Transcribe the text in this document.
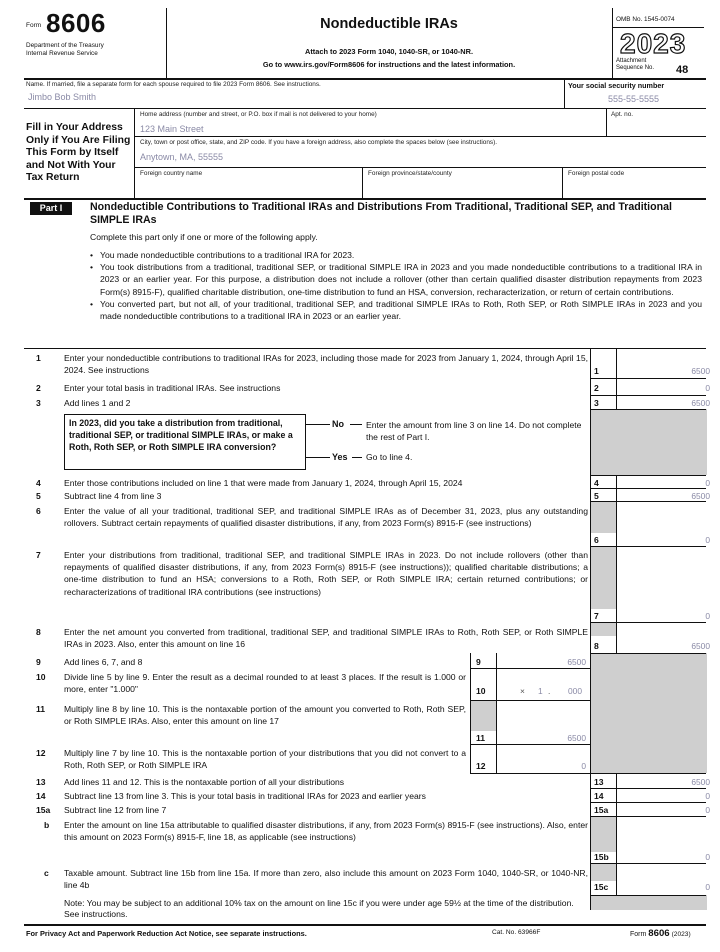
Form 8606
Department of the Treasury
Internal Revenue Service
Nondeductible IRAs
Attach to 2023 Form 1040, 1040-SR, or 1040-NR.
Go to www.irs.gov/Form8606 for instructions and the latest information.
OMB No. 1545-0074
2023
Attachment Sequence No.	48
Name. If married, file a separate form for each spouse required to file 2023 Form 8606. See instructions.
Jimbo Bob Smith
Your social security number
555-55-5555
Fill in Your Address Only if You Are Filing This Form by Itself and Not With Your Tax Return
Home address (number and street, or P.O. box if mail is not delivered to your home)
123 Main Street
Apt. no.
City, town or post office, state, and ZIP code. If you have a foreign address, also complete the spaces below (see instructions).
Anytown, MA, 55555
Foreign country name	Foreign province/state/county	Foreign postal code
Part I	Nondeductible Contributions to Traditional IRAs and Distributions From Traditional, Traditional SEP, and Traditional SIMPLE IRAs
Complete this part only if one or more of the following apply.
• You made nondeductible contributions to a traditional IRA for 2023.
• You took distributions from a traditional, traditional SEP, or traditional SIMPLE IRA in 2023 and you made nondeductible contributions to a traditional IRA in 2023 or an earlier year. For this purpose, a distribution does not include a rollover (other than certain qualified disaster distribution repayments from 2023 Form(s) 8915-F), qualified charitable distribution, one-time distribution to fund an HSA, conversion, recharacterization, or return of certain contributions.
• You converted part, but not all, of your traditional, traditional SEP, and traditional SIMPLE IRAs to Roth, Roth SEP, or Roth SIMPLE IRAs in 2023 and you made nondeductible contributions to a traditional IRA in 2023 or an earlier year.
1	Enter your nondeductible contributions to traditional IRAs for 2023, including those made for 2023 from January 1, 2024, through April 15, 2024. See instructions	1	6500
2	Enter your total basis in traditional IRAs. See instructions	2	0
3	Add lines 1 and 2	3	6500
In 2023, did you take a distribution from traditional, traditional SEP, or traditional SIMPLE IRAs, or make a Roth, Roth SEP, or Roth SIMPLE IRA conversion?
No	Enter the amount from line 3 on line 14. Do not complete the rest of Part I.
Yes Go to line 4.
4	Enter those contributions included on line 1 that were made from January 1, 2024, through April 15, 2024	4	0
5	Subtract line 4 from line 3	5	6500
6	Enter the value of all your traditional, traditional SEP, and traditional SIMPLE IRAs as of December 31, 2023, plus any outstanding rollovers. Subtract certain repayments of qualified disaster distributions, if any, from 2023 Form(s) 8915-F (see instructions)
6	0
7	Enter your distributions from traditional, traditional SEP, and traditional SIMPLE IRAs in 2023. Do not include rollovers (other than repayments of qualified disaster distributions, if any, from 2023 Form(s) 8915-F (see instructions)); qualified charitable distributions; a one-time distribution to fund an HSA; conversions to a Roth, Roth SEP, or Roth SIMPLE IRA; certain returned contributions; or recharacterizations of traditional IRA contributions (see instructions)
7	0
8	Enter the net amount you converted from traditional, traditional SEP, and traditional SIMPLE IRAs to Roth, Roth SEP, or Roth SIMPLE IRAs in 2023. Also, enter this amount on line 16	8	6500
9	Add lines 6, 7, and 8	9	6500
10	Divide line 5 by line 9. Enter the result as a decimal rounded to at least 3 places. If the result is 1.000 or more, enter "1.000"	10	× 1 . 000
11	Multiply line 8 by line 10. This is the nontaxable portion of the amount you converted to Roth, Roth SEP, or Roth SIMPLE IRAs. Also, enter this amount on line 17
11	6500
12	Multiply line 7 by line 10. This is the nontaxable portion of your distributions that you did not convert to a Roth, Roth SEP, or Roth SIMPLE IRA	12	0
13	Add lines 11 and 12. This is the nontaxable portion of all your distributions	13	6500
14	Subtract line 13 from line 3. This is your total basis in traditional IRAs for 2023 and earlier years	14	0
15a	Subtract line 12 from line 7	15a	0
b	Enter the amount on line 15a attributable to qualified disaster distributions, if any, from 2023 Form(s) 8915-F (see instructions). Also, enter this amount on 2023 Form(s) 8915-F, line 18, as applicable (see instructions)
15b	0
c	Taxable amount. Subtract line 15b from line 15a. If more than zero, also include this amount on 2023 Form 1040, 1040-SR, or 1040-NR, line 4b	15c	0
Note: You may be subject to an additional 10% tax on the amount on line 15c if you were under age 59½ at the time of the distribution. See instructions.
For Privacy Act and Paperwork Reduction Act Notice, see separate instructions.	Cat. No. 63966F	Form 8606 (2023)
